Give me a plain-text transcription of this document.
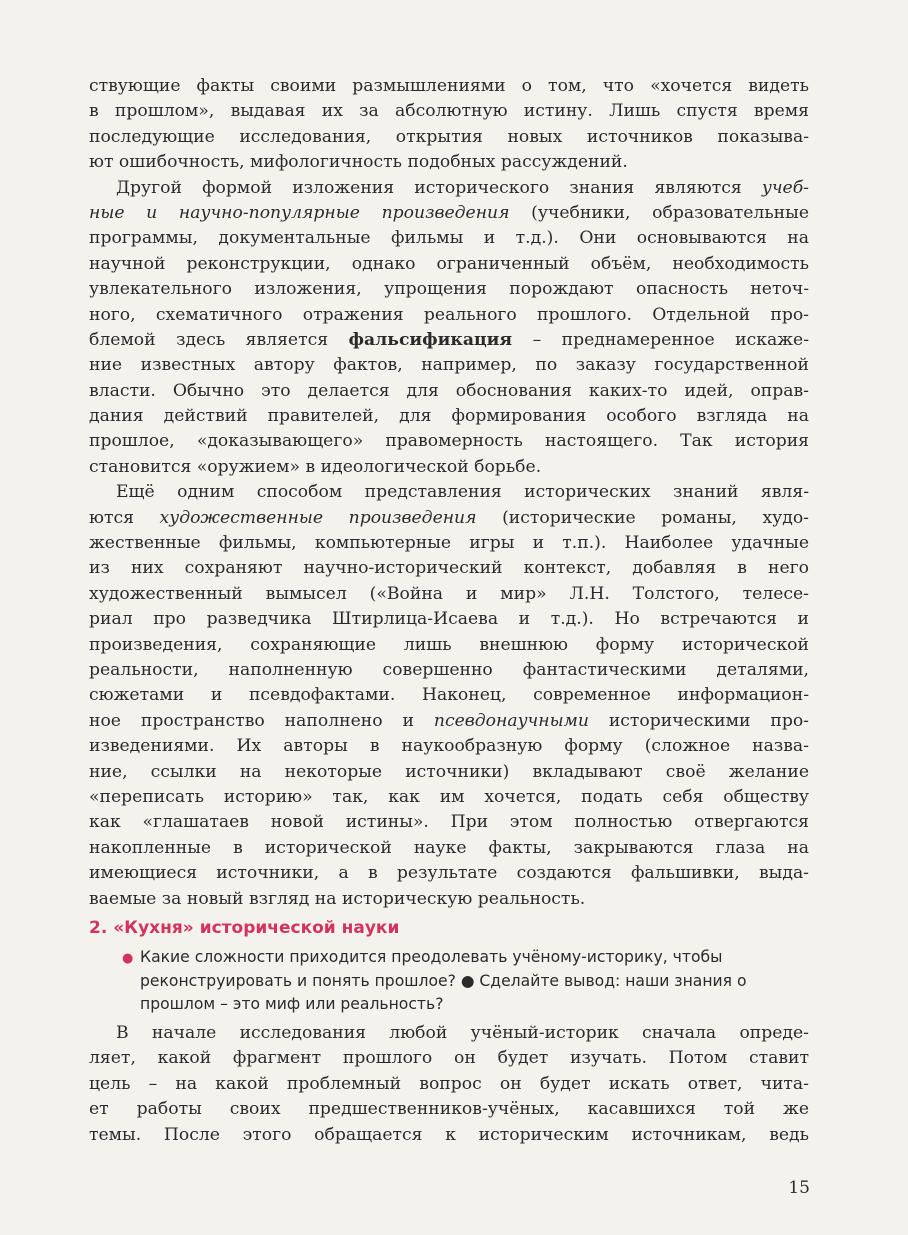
ствующие факты своими размышлениями о том, что «хочется видеть
в прошлом», выдавая их за абсолютную истину. Лишь спустя время
последующие исследования, открытия новых источников показыва-
ют ошибочность, мифологичность подобных рассуждений.
Другой формой изложения исторического знания являются учеб-
ные и научно-популярные произведения (учебники, образовательные
программы, документальные фильмы и т.д.). Они основываются на
научной реконструкции, однако ограниченный объём, необходимость
увлекательного изложения, упрощения порождают опасность неточ-
ного, схематичного отражения реального прошлого. Отдельной про-
блемой здесь является фальсификация – преднамеренное искаже-
ние известных автору фактов, например, по заказу государственной
власти. Обычно это делается для обоснования каких-то идей, оправ-
дания действий правителей, для формирования особого взгляда на
прошлое, «доказывающего» правомерность настоящего. Так история
становится «оружием» в идеологической борьбе.
Ещё одним способом представления исторических знаний явля-
ются художественные произведения (исторические романы, худо-
жественные фильмы, компьютерные игры и т.п.). Наиболее удачные
из них сохраняют научно-исторический контекст, добавляя в него
художественный вымысел («Война и мир» Л.Н. Толстого, телесе-
риал про разведчика Штирлица-Исаева и т.д.). Но встречаются и
произведения, сохраняющие лишь внешнюю форму исторической
реальности, наполненную совершенно фантастическими деталями,
сюжетами и псевдофактами. Наконец, современное информацион-
ное пространство наполнено и псевдонаучными историческими про-
изведениями. Их авторы в наукообразную форму (сложное назва-
ние, ссылки на некоторые источники) вкладывают своё желание
«переписать историю» так, как им хочется, подать себя обществу
как «глашатаев новой истины». При этом полностью отвергаются
накопленные в исторической науке факты, закрываются глаза на
имеющиеся источники, а в результате создаются фальшивки, выда-
ваемые за новый взгляд на историческую реальность.
2. «Кухня» исторической науки
● Какие сложности приходится преодолевать учёному-историку, чтобы
реконструировать и понять прошлое? ● Сделайте вывод: наши знания о
прошлом – это миф или реальность?
В начале исследования любой учёный-историк сначала опреде-
ляет, какой фрагмент прошлого он будет изучать. Потом ставит
цель – на какой проблемный вопрос он будет искать ответ, чита-
ет работы своих предшественников-учёных, касавшихся той же
темы. После этого обращается к историческим источникам, ведь
15
